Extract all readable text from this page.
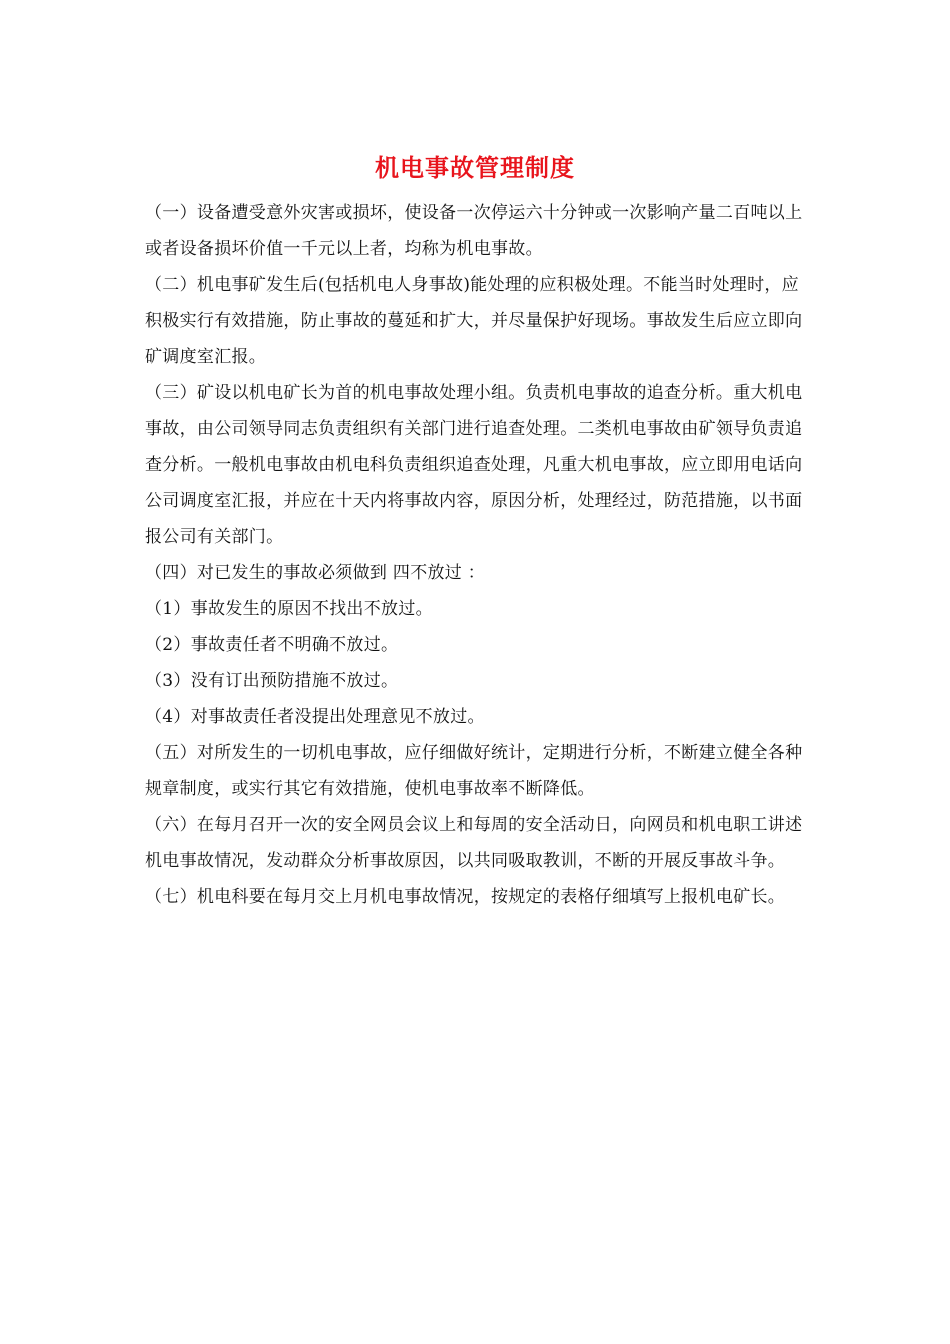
机电事故管理制度

（一）设备遭受意外灾害或损坏，使设备一次停运六十分钟或一次影响产量二百吨以上或者设备损坏价值一千元以上者，均称为机电事故。

（二）机电事矿发生后(包括机电人身事故)能处理的应积极处理。不能当时处理时，应积极实行有效措施，防止事故的蔓延和扩大，并尽量保护好现场。事故发生后应立即向矿调度室汇报。

（三）矿设以机电矿长为首的机电事故处理小组。负责机电事故的追查分析。重大机电事故，由公司领导同志负责组织有关部门进行追查处理。二类机电事故由矿领导负责追查分析。一般机电事故由机电科负责组织追查处理，凡重大机电事故，应立即用电话向公司调度室汇报，并应在十天内将事故内容，原因分析，处理经过，防范措施，以书面报公司有关部门。

（四）对已发生的事故必须做到 四不放过 ：

（1）事故发生的原因不找出不放过。

（2）事故责任者不明确不放过。

（3）没有订出预防措施不放过。

（4）对事故责任者没提出处理意见不放过。

（五）对所发生的一切机电事故，应仔细做好统计，定期进行分析，不断建立健全各种规章制度，或实行其它有效措施，使机电事故率不断降低。

（六）在每月召开一次的安全网员会议上和每周的安全活动日，向网员和机电职工讲述机电事故情况，发动群众分析事故原因，以共同吸取教训，不断的开展反事故斗争。

（七）机电科要在每月交上月机电事故情况，按规定的表格仔细填写上报机电矿长。
